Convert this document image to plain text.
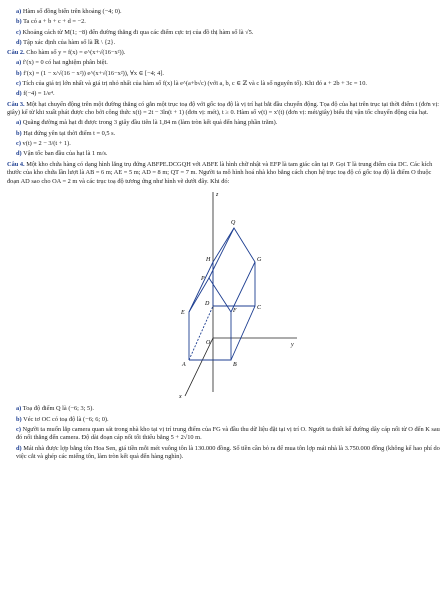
a) Hàm số đồng biến trên khoảng (−4; 0).
b) Ta có a + b + c + d = −2.
c) Khoảng cách từ M(1; −8) đến đường thẳng đi qua các điểm cực trị của đồ thị hàm số là √5.
d) Tập xác định của hàm số là ℝ \ {2}.
Câu 2. Cho hàm số y = f(x) = e^(x+√(16−x²)).
a) f′(x) = 0 có hai nghiệm phân biệt.
b) f′(x) = (1 − x/√(16 − x²)) e^(x+√(16−x²)), ∀x ∈ [−4; 4].
c) Tích của giá trị lớn nhất và giá trị nhỏ nhất của hàm số f(x) là e^(a+b√c) (với a, b, c ∈ ℤ và c là số nguyên tố). Khi đó a + 2b + 3c = 10.
d) f(−4) = 1/e⁴.
Câu 3. Một hạt chuyển động trên một đường thẳng có gắn một trục toạ độ với gốc toạ độ là vị trí hạt bắt đầu chuyển động. Tọa độ của hạt trên trục tại thời điểm t (đơn vị: giây) kể từ khi xuất phát được cho bởi công thức x(t) = 2t − 3ln(t + 1) (đơn vị: mét), t ≥ 0. Hàm số v(t) = x′(t) (đơn vị: mét/giây) biểu thị vận tốc chuyển động của hạt.
a) Quãng đường mà hạt đi được trong 3 giây đầu tiên là 1,84 m (làm tròn kết quả đến hàng phần trăm).
b) Hạt đứng yên tại thời điểm t = 0,5 s.
c) v(t) = 2 − 3/(t + 1).
d) Vận tốc ban đầu của hạt là 1 m/s.
Câu 4. Một kho chứa hàng có dạng hình lăng trụ đứng ABFPE.DCGQH với ABFE là hình chữ nhật và EFP là tam giác cân tại P. Gọi T là trung điểm của DC. Các kích thước của kho chứa lần lượt là AB = 6 m; AE = 5 m; AD = 8 m; QT = 7 m. Người ta mô hình hoá nhà kho bằng cách chọn hệ trục toạ độ có gốc toạ độ là điểm O thuộc đoạn AD sao cho OA = 2 m và các trục toạ độ tương ứng như hình vẽ dưới đây. Khi đó:
z
Q
H	G
P
E	F
D
C
O	y
A
x
B
a) Toạ độ điểm Q là (−6; 3; 5).
b) Véc tơ OC có toạ độ là (−6; 6; 0).
c) Người ta muốn lắp camera quan sát trong nhà kho tại vị trí trung điểm của FG và đầu thu dữ liệu đặt tại vị trí O. Người ta thiết kế đường dây cáp nối từ O đến K sau đó nối thẳng đến camera. Độ dài đoạn cáp nối tối thiểu bằng 5 + 2√10 m.
d) Mái nhà được lợp bằng tôn Hoa Sen, giá tiền mỗi mét vuông tôn là 130.000 đồng. Số tiền cần bỏ ra để mua tôn lợp mái nhà là 3.750.000 đồng (không kể hao phí do việc cắt và ghép các miếng tôn, làm tròn kết quả đến hàng nghìn).
